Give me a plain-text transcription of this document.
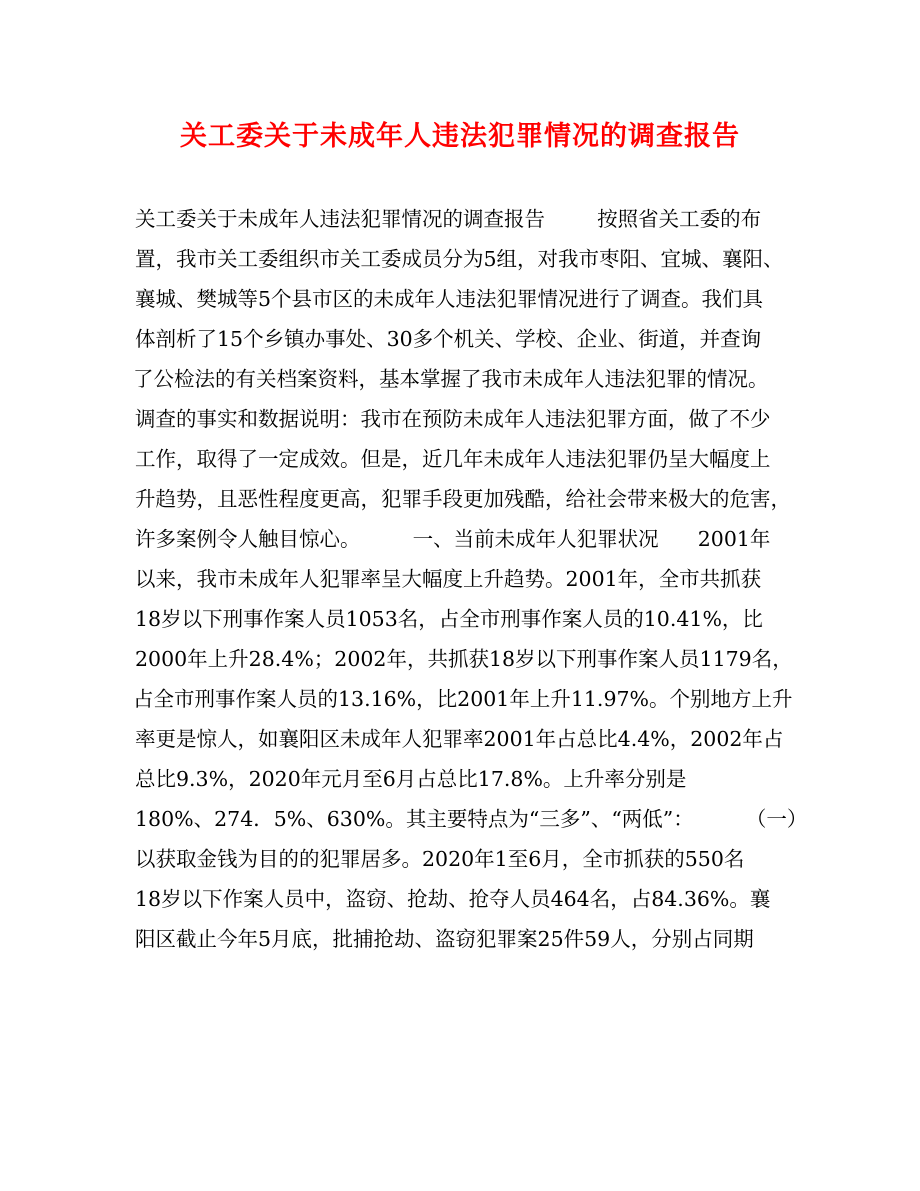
关工委关于未成年人违法犯罪情况的调查报告
关工委关于未成年人违法犯罪情况的调查报告        按照省关工委的布
置，我市关工委组织市关工委成员分为5组，对我市枣阳、宜城、襄阳、
襄城、樊城等5个县市区的未成年人违法犯罪情况进行了调查。我们具
体剖析了15个乡镇办事处、30多个机关、学校、企业、街道，并查询
了公检法的有关档案资料，基本掌握了我市未成年人违法犯罪的情况。
调查的事实和数据说明：我市在预防未成年人违法犯罪方面，做了不少
工作，取得了一定成效。但是，近几年未成年人违法犯罪仍呈大幅度上
升趋势，且恶性程度更高，犯罪手段更加残酷，给社会带来极大的危害，
许多案例令人触目惊心。        一、当前未成年人犯罪状况      2001年
以来，我市未成年人犯罪率呈大幅度上升趋势。2001年，全市共抓获
18岁以下刑事作案人员1053名，占全市刑事作案人员的10.41%，比
2000年上升28.4%；2002年，共抓获18岁以下刑事作案人员1179名，
占全市刑事作案人员的13.16%，比2001年上升11.97%。个别地方上升
率更是惊人，如襄阳区未成年人犯罪率2001年占总比4.4%，2002年占
总比9.3%，2020年元月至6月占总比17.8%。上升率分别是
180%、274．5%、630%。其主要特点为“三多”、“两低”：        （一）
以获取金钱为目的的犯罪居多。2020年1至6月，全市抓获的550名
18岁以下作案人员中，盗窃、抢劫、抢夺人员464名，占84.36%。襄
阳区截止今年5月底，批捕抢劫、盗窃犯罪案25件59人，分别占同期
